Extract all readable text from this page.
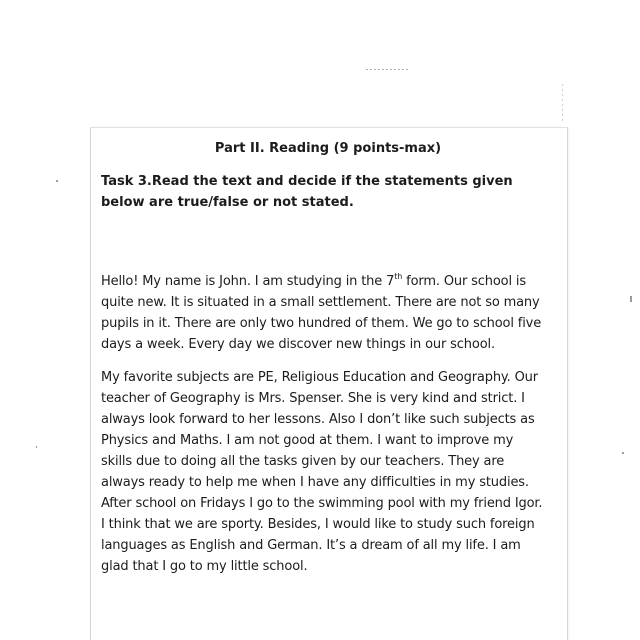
Part II. Reading (9 points-max)

Task 3.Read the text and decide if the statements given below are true/false or not stated.

Hello! My name is John. I am studying in the 7th form. Our school is quite new. It is situated in a small settlement. There are not so many pupils in it. There are only two hundred of them. We go to school five days a week. Every day we discover new things in our school.

My favorite subjects are PE, Religious Education and Geography. Our teacher of Geography is Mrs. Spenser. She is very kind and strict. I always look forward to her lessons. Also I don’t like such subjects as Physics and Maths. I am not good at them. I want to improve my skills due to doing all the tasks given by our teachers. They are always ready to help me when I have any difficulties in my studies. After school on Fridays I go to the swimming pool with my friend Igor. I think that we are sporty. Besides, I would like to study such foreign languages as English and German. It’s a dream of all my life. I am glad that I go to my little school.
